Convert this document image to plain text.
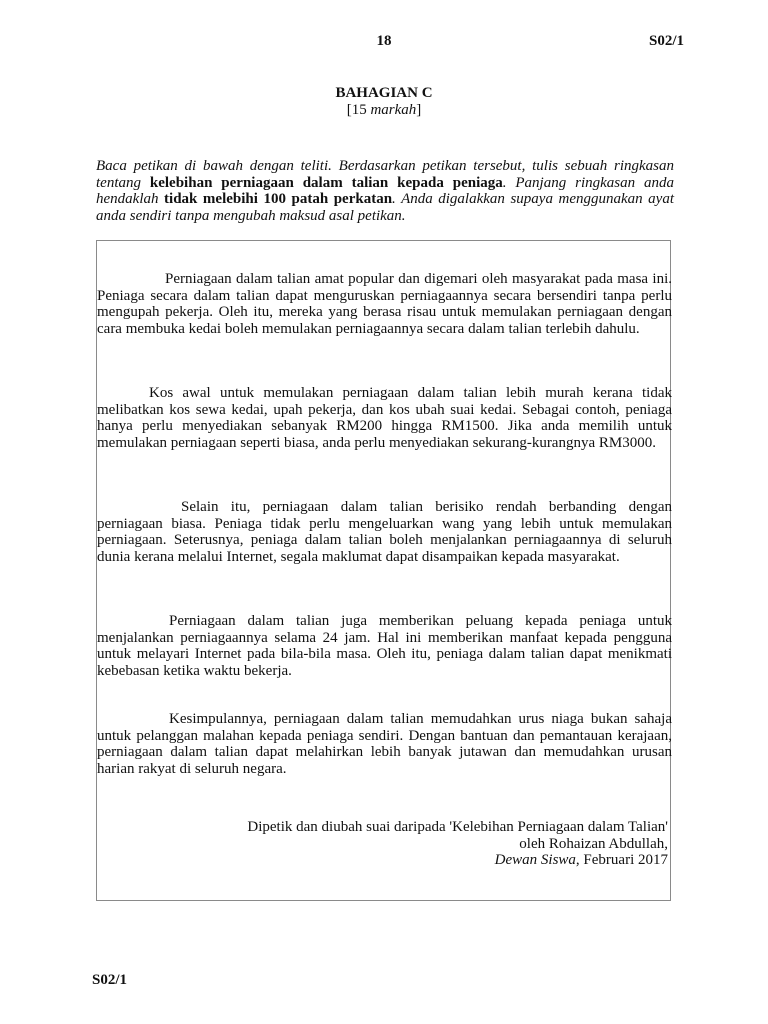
18	S02/1
BAHAGIAN C
[15 markah]
Baca petikan di bawah dengan teliti. Berdasarkan petikan tersebut, tulis sebuah ringkasan tentang kelebihan perniagaan dalam talian kepada peniaga. Panjang ringkasan anda hendaklah tidak melebihi 100 patah perkatan. Anda digalakkan supaya menggunakan ayat anda sendiri tanpa mengubah maksud asal petikan.

Perniagaan dalam talian amat popular dan digemari oleh masyarakat pada masa ini. Peniaga secara dalam talian dapat menguruskan perniagaannya secara bersendiri tanpa perlu mengupah pekerja. Oleh itu, mereka yang berasa risau untuk memulakan perniagaan dengan cara membuka kedai boleh memulakan perniagaannya secara dalam talian terlebih dahulu.

Kos awal untuk memulakan perniagaan dalam talian lebih murah kerana tidak melibatkan kos sewa kedai, upah pekerja, dan kos ubah suai kedai. Sebagai contoh, peniaga hanya perlu menyediakan sebanyak RM200 hingga RM1500. Jika anda memilih untuk memulakan perniagaan seperti biasa, anda perlu menyediakan sekurang-kurangnya RM3000.

Selain itu, perniagaan dalam talian berisiko rendah berbanding dengan perniagaan biasa. Peniaga tidak perlu mengeluarkan wang yang lebih untuk memulakan perniagaan. Seterusnya, peniaga dalam talian boleh menjalankan perniagaannya di seluruh dunia kerana melalui Internet, segala maklumat dapat disampaikan kepada masyarakat.

Perniagaan dalam talian juga memberikan peluang kepada peniaga untuk menjalankan perniagaannya selama 24 jam. Hal ini memberikan manfaat kepada pengguna untuk melayari Internet pada bila-bila masa. Oleh itu, peniaga dalam talian dapat menikmati kebebasan ketika waktu bekerja.

Kesimpulannya, perniagaan dalam talian memudahkan urus niaga bukan sahaja untuk pelanggan malahan kepada peniaga sendiri. Dengan bantuan dan pemantauan kerajaan, perniagaan dalam talian dapat melahirkan lebih banyak jutawan dan memudahkan urusan harian rakyat di seluruh negara.

Dipetik dan diubah suai daripada 'Kelebihan Perniagaan dalam Talian'
oleh Rohaizan Abdullah,
Dewan Siswa, Februari 2017
S02/1
